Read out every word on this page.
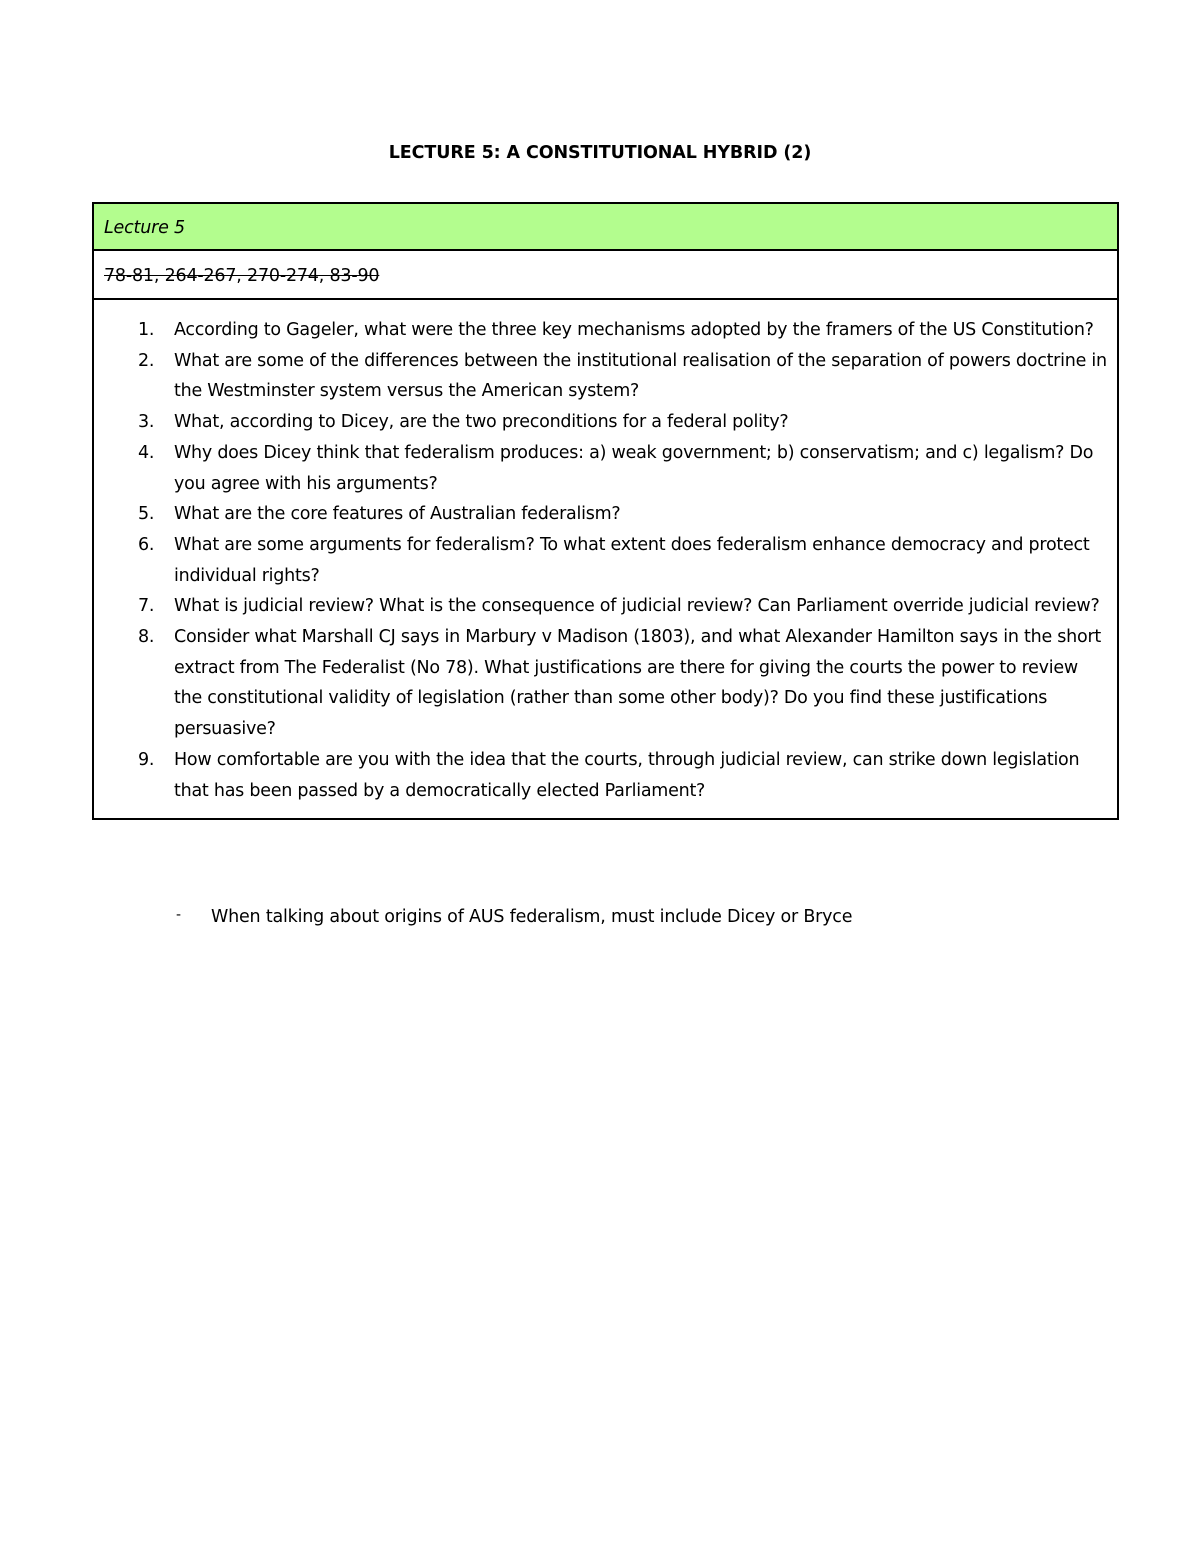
LECTURE 5: A CONSTITUTIONAL HYBRID (2)
Lecture 5
78-81, 264-267, 270-274, 83-90
1. According to Gageler, what were the three key mechanisms adopted by the framers of the US Constitution?
2. What are some of the differences between the institutional realisation of the separation of powers doctrine in the Westminster system versus the American system?
3. What, according to Dicey, are the two preconditions for a federal polity?
4. Why does Dicey think that federalism produces: a) weak government; b) conservatism; and c) legalism? Do you agree with his arguments?
5. What are the core features of Australian federalism?
6. What are some arguments for federalism? To what extent does federalism enhance democracy and protect individual rights?
7. What is judicial review? What is the consequence of judicial review? Can Parliament override judicial review?
8. Consider what Marshall CJ says in Marbury v Madison (1803), and what Alexander Hamilton says in the short extract from The Federalist (No 78). What justifications are there for giving the courts the power to review the constitutional validity of legislation (rather than some other body)? Do you find these justifications persuasive?
9. How comfortable are you with the idea that the courts, through judicial review, can strike down legislation that has been passed by a democratically elected Parliament?
- When talking about origins of AUS federalism, must include Dicey or Bryce
